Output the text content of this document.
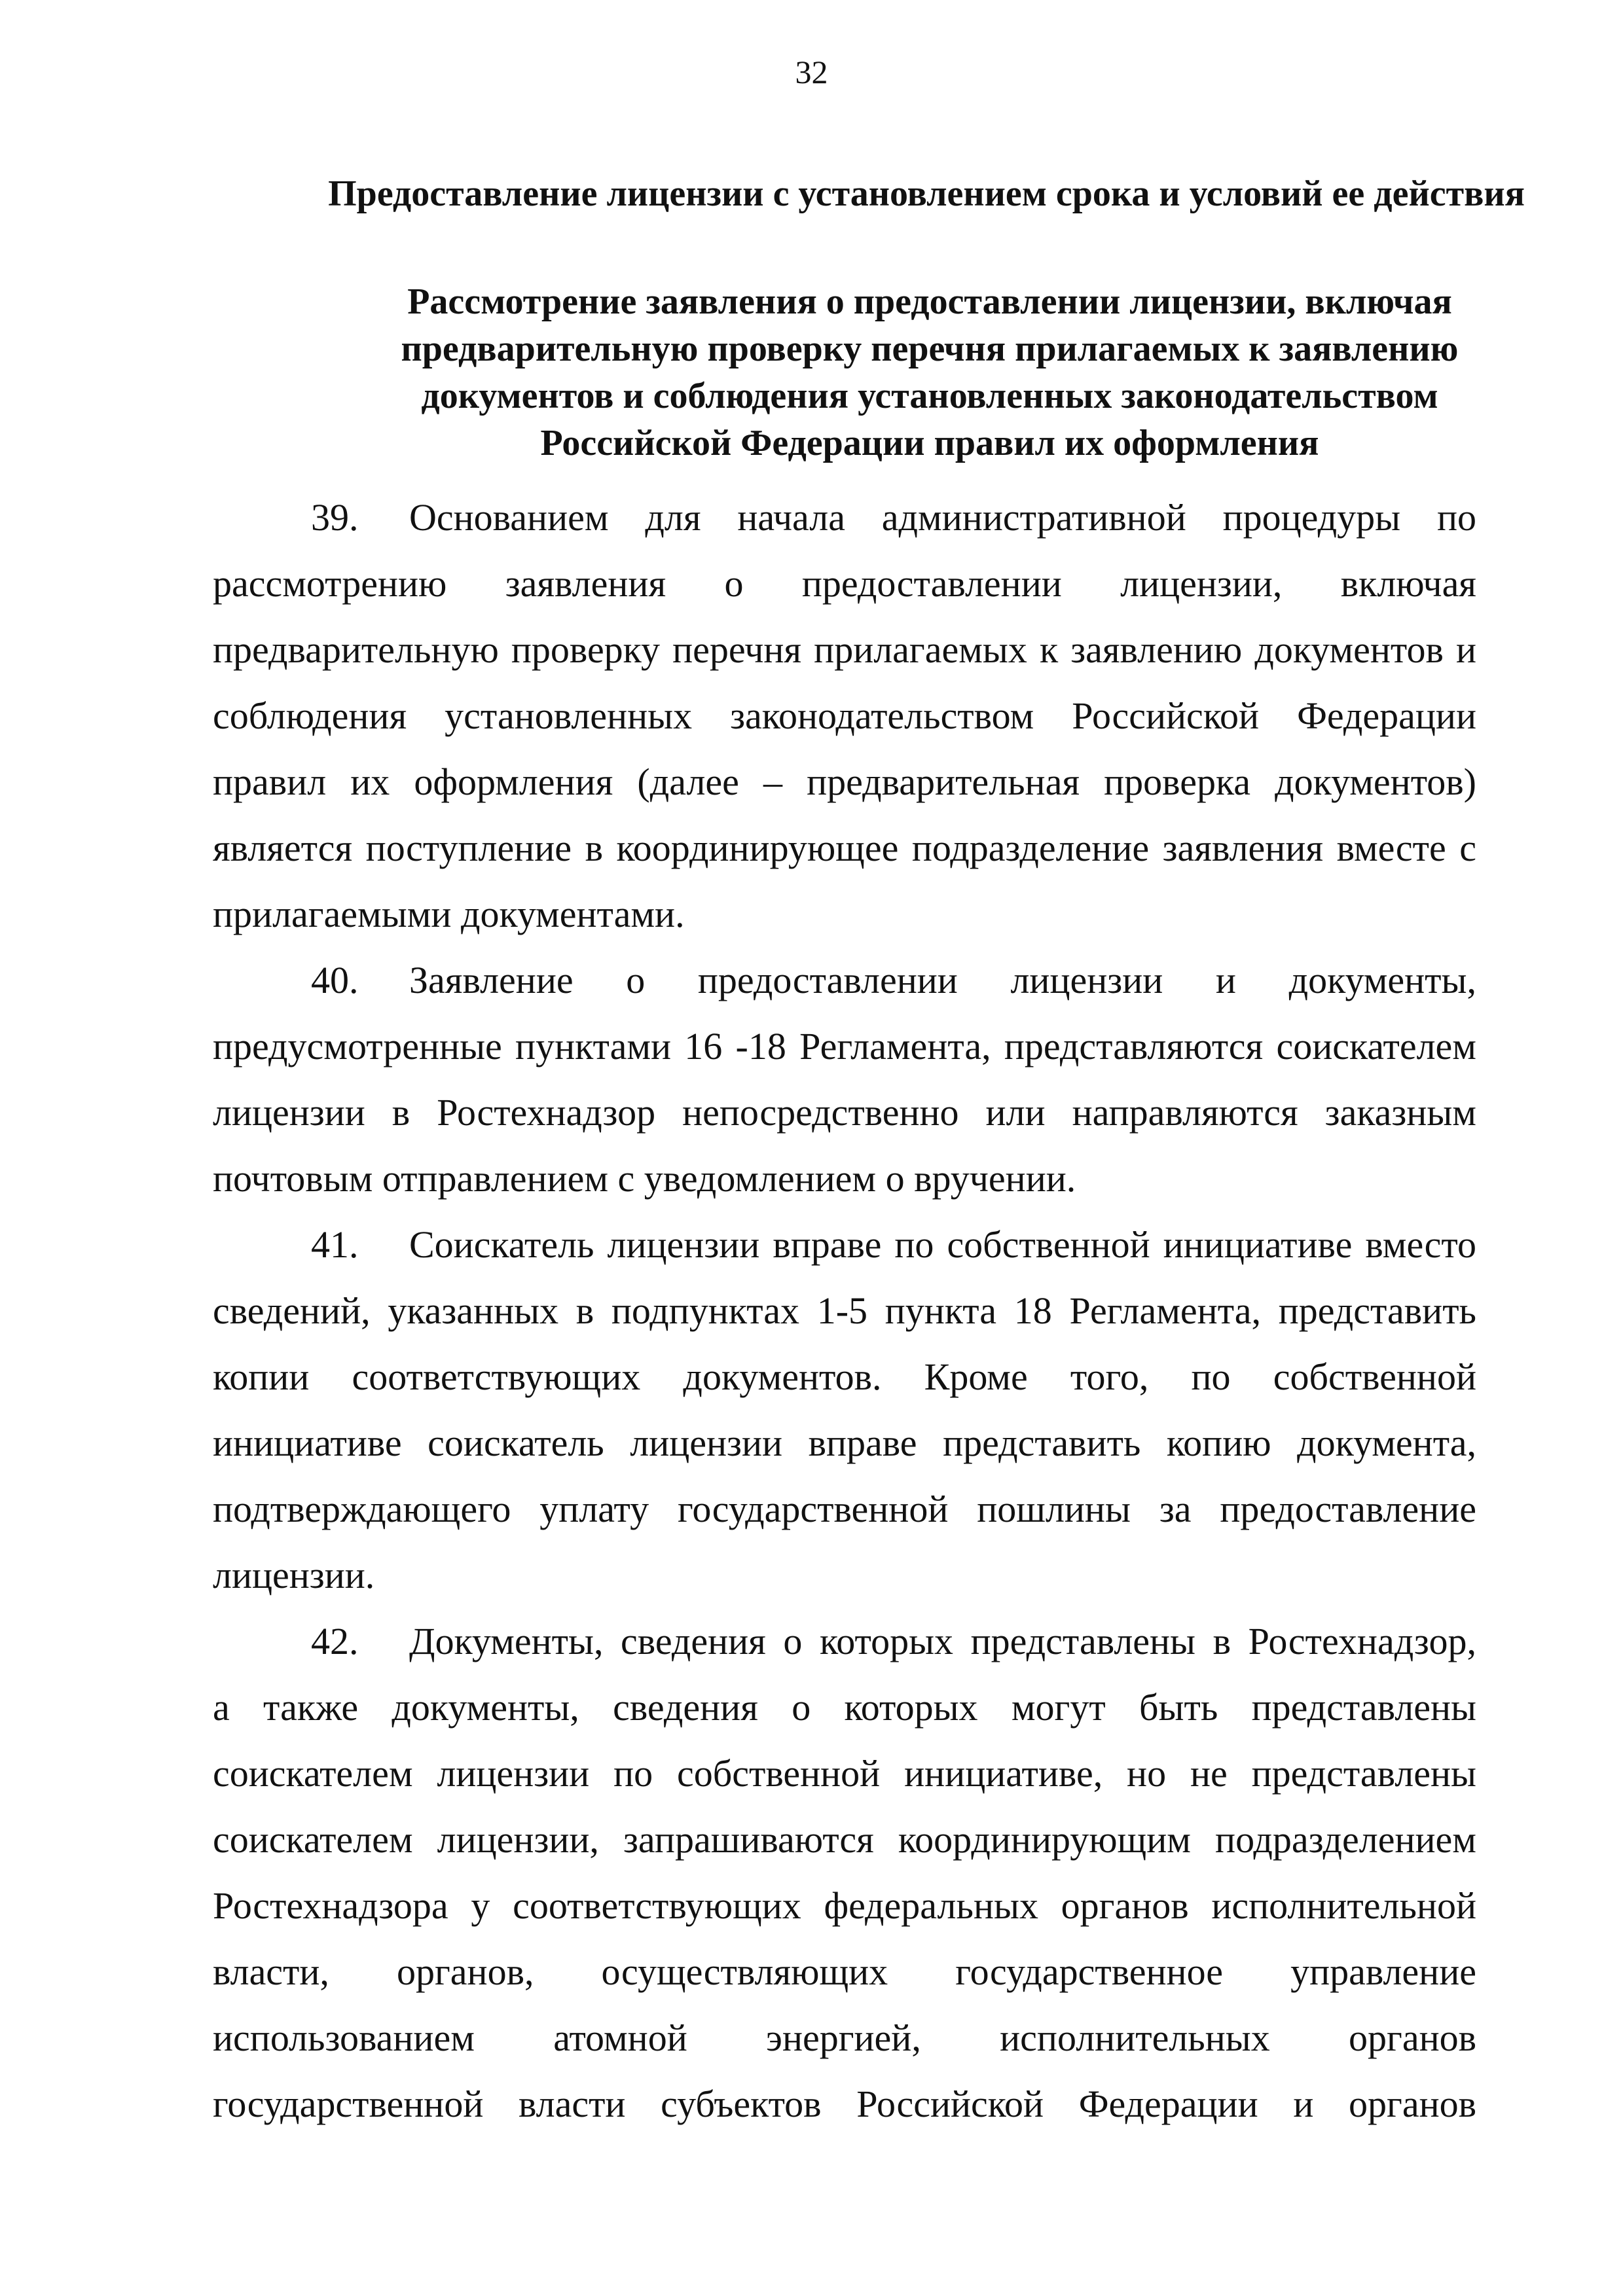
32
Предоставление лицензии с установлением срока и условий ее действия
Рассмотрение заявления о предоставлении лицензии, включая
предварительную проверку перечня прилагаемых к заявлению
документов и соблюдения установленных законодательством
Российской Федерации правил их оформления
39. Основанием для начала административной процедуры по
рассмотрению заявления о предоставлении лицензии, включая
предварительную проверку перечня прилагаемых к заявлению документов и
соблюдения установленных законодательством Российской Федерации
правил их оформления (далее – предварительная проверка документов)
является поступление в координирующее подразделение заявления вместе с
прилагаемыми документами.
40. Заявление о предоставлении лицензии и документы,
предусмотренные пунктами 16 -18 Регламента, представляются соискателем
лицензии в Ростехнадзор непосредственно или направляются заказным
почтовым отправлением с уведомлением о вручении.
41. Соискатель лицензии вправе по собственной инициативе вместо
сведений, указанных в подпунктах 1-5 пункта 18 Регламента, представить
копии соответствующих документов. Кроме того, по собственной
инициативе соискатель лицензии вправе представить копию документа,
подтверждающего уплату государственной пошлины за предоставление
лицензии.
42. Документы, сведения о которых представлены в Ростехнадзор,
а также документы, сведения о которых могут быть представлены
соискателем лицензии по собственной инициативе, но не представлены
соискателем лицензии, запрашиваются координирующим подразделением
Ростехнадзора у соответствующих федеральных органов исполнительной
власти, органов, осуществляющих государственное управление
использованием атомной энергией, исполнительных органов
государственной власти субъектов Российской Федерации и органов
